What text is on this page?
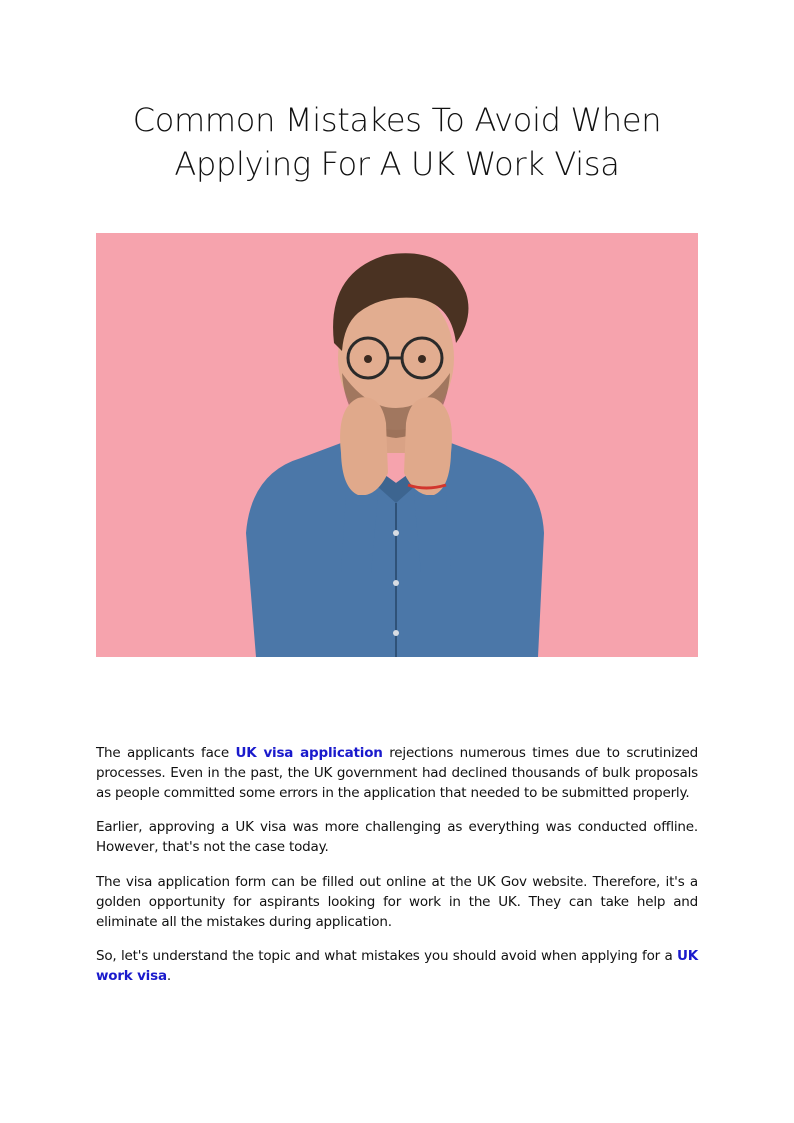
Common Mistakes To Avoid When
Applying For A UK Work Visa

The applicants face UK visa application rejections numerous times due to scrutinized processes. Even in the past, the UK government had declined thousands of bulk proposals as people committed some errors in the application that needed to be submitted properly.

Earlier, approving a UK visa was more challenging as everything was conducted offline. However, that's not the case today.

The visa application form can be filled out online at the UK Gov website. Therefore, it's a golden opportunity for aspirants looking for work in the UK. They can take help and eliminate all the mistakes during application.

So, let's understand the topic and what mistakes you should avoid when applying for a UK work visa.
